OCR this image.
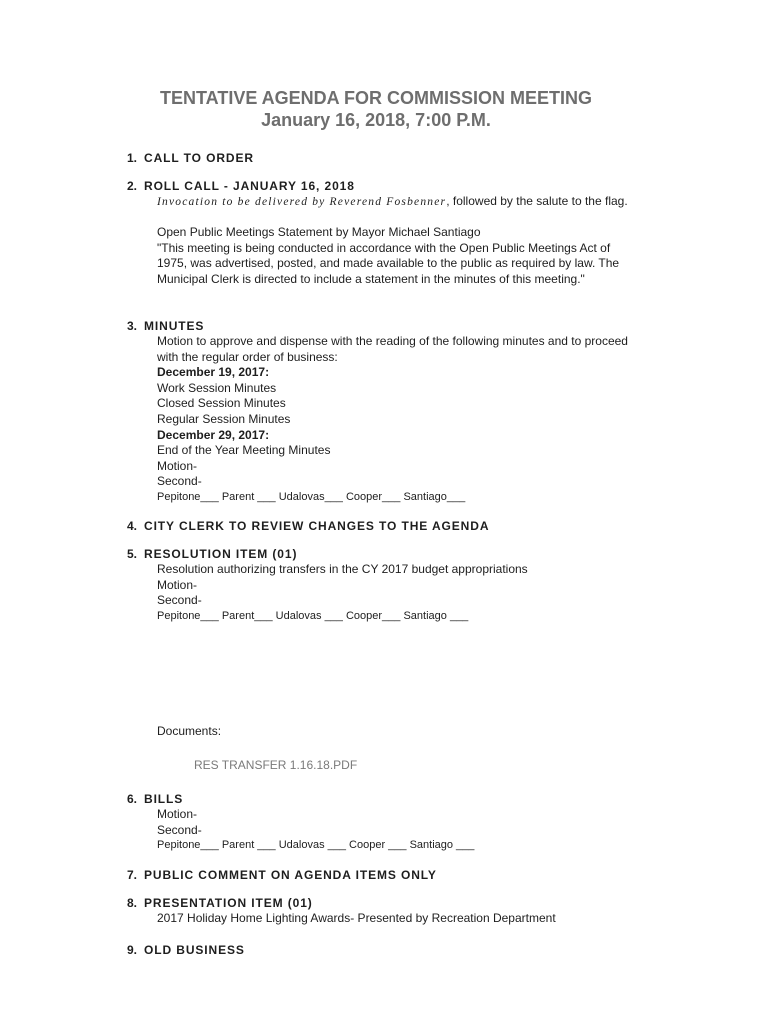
TENTATIVE AGENDA FOR COMMISSION MEETING
January 16, 2018, 7:00 P.M.
1. CALL TO ORDER
2. ROLL CALL - JANUARY 16, 2018
Invocation to be delivered by Reverend Fosbenner, followed by the salute to the flag.
Open Public Meetings Statement by Mayor Michael Santiago
"This meeting is being conducted in accordance with the Open Public Meetings Act of
1975, was advertised, posted, and made available to the public as required by law. The
Municipal Clerk is directed to include a statement in the minutes of this meeting."
3. MINUTES
Motion to approve and dispense with the reading of the following minutes and to proceed
with the regular order of business:
December 19, 2017:
Work Session Minutes
Closed Session Minutes
Regular Session Minutes
December 29, 2017:
End of the Year Meeting Minutes
Motion-
Second-
Pepitone___ Parent ___ Udalovas___ Cooper___ Santiago___
4. CITY CLERK TO REVIEW CHANGES TO THE AGENDA
5. RESOLUTION ITEM (01)
Resolution authorizing transfers in the CY 2017 budget appropriations
Motion-
Second-
Pepitone___ Parent___ Udalovas ___ Cooper___ Santiago ___
Documents:
RES TRANSFER 1.16.18.PDF
6. BILLS
Motion-
Second-
Pepitone___ Parent ___ Udalovas ___ Cooper ___ Santiago ___
7. PUBLIC COMMENT ON AGENDA ITEMS ONLY
8. PRESENTATION ITEM (01)
2017 Holiday Home Lighting Awards- Presented by Recreation Department
9. OLD BUSINESS
